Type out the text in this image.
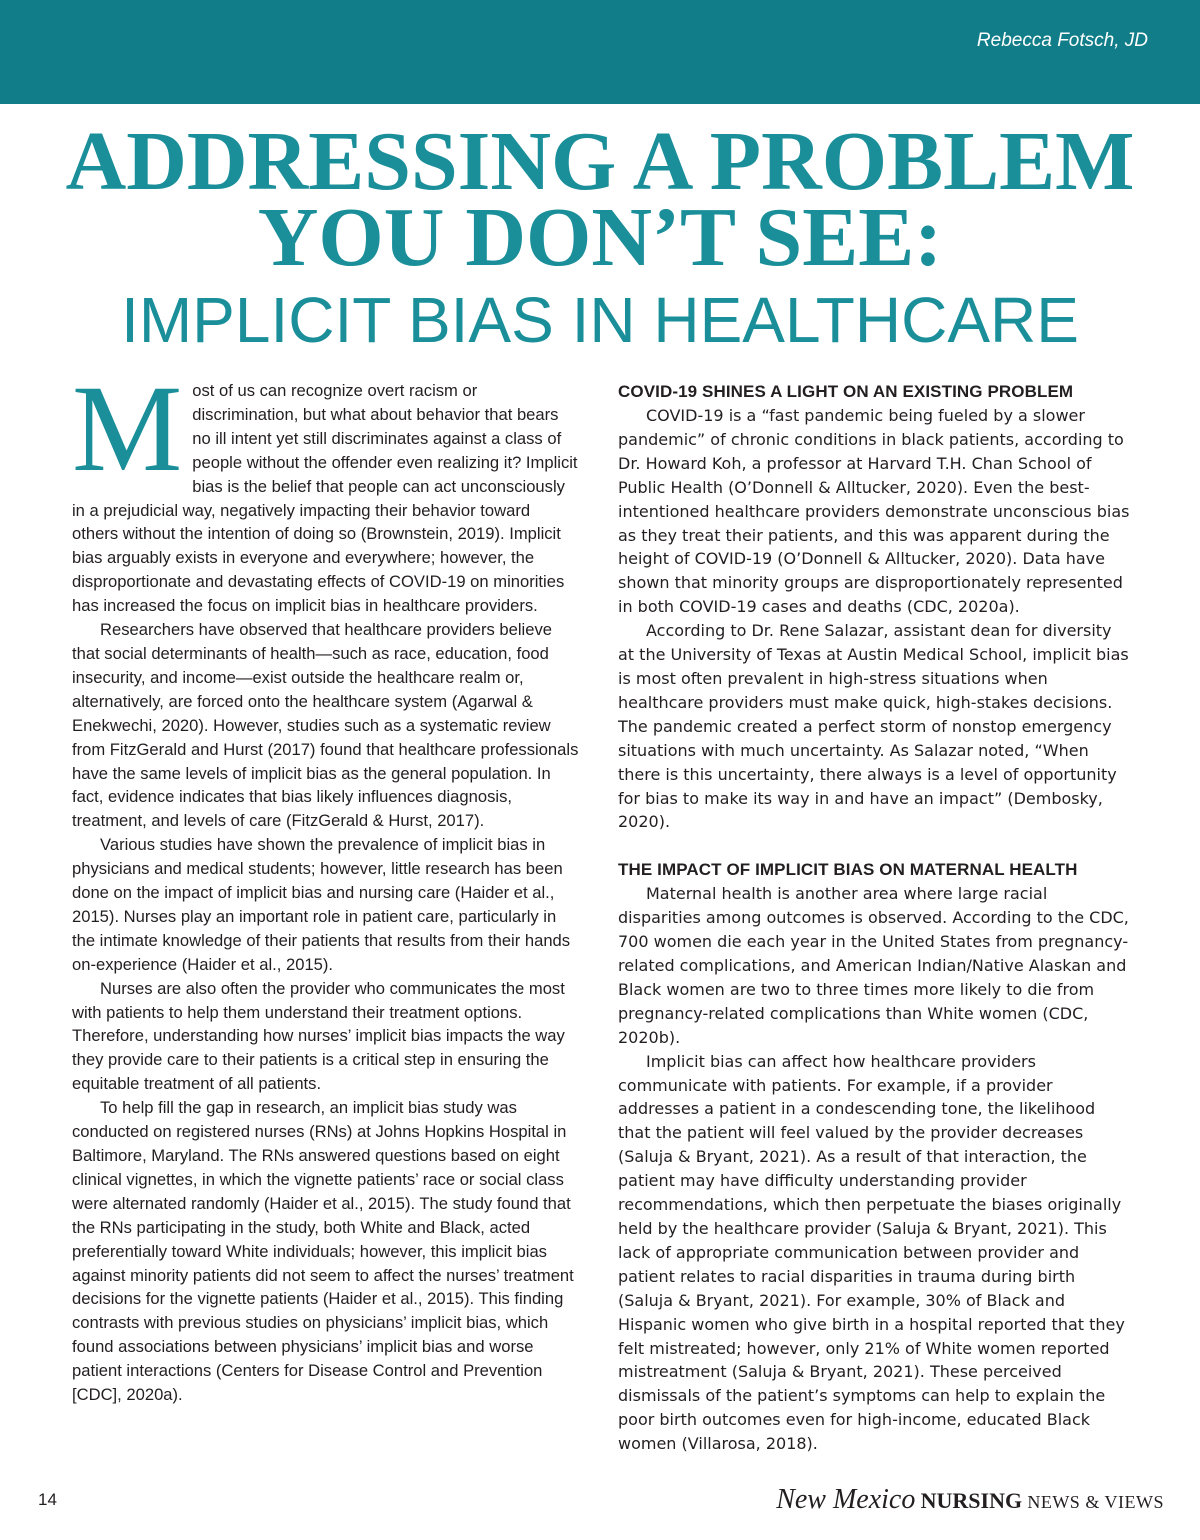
Rebecca Fotsch, JD
ADDRESSING A PROBLEM
YOU DON’T SEE:
IMPLICIT BIAS IN HEALTHCARE

Most of us can recognize overt racism or discrimination, but what about behavior that bears no ill intent yet still discriminates against a class of people without the offender even realizing it? Implicit bias is the belief that people can act unconsciously in a prejudicial way, negatively impacting their behavior toward others without the intention of doing so (Brownstein, 2019). Implicit bias arguably exists in everyone and everywhere; however, the disproportionate and devastating effects of COVID-19 on minorities has increased the focus on implicit bias in healthcare providers.

Researchers have observed that healthcare providers believe that social determinants of health—such as race, education, food insecurity, and income—exist outside the healthcare realm or, alternatively, are forced onto the healthcare system (Agarwal & Enekwechi, 2020). However, studies such as a systematic review from FitzGerald and Hurst (2017) found that healthcare professionals have the same levels of implicit bias as the general population. In fact, evidence indicates that bias likely influences diagnosis, treatment, and levels of care (FitzGerald & Hurst, 2017).

Various studies have shown the prevalence of implicit bias in physicians and medical students; however, little research has been done on the impact of implicit bias and nursing care (Haider et al., 2015). Nurses play an important role in patient care, particularly in the intimate knowledge of their patients that results from their hands on-experience (Haider et al., 2015).

Nurses are also often the provider who communicates the most with patients to help them understand their treatment options. Therefore, understanding how nurses’ implicit bias impacts the way they provide care to their patients is a critical step in ensuring the equitable treatment of all patients.

To help fill the gap in research, an implicit bias study was conducted on registered nurses (RNs) at Johns Hopkins Hospital in Baltimore, Maryland. The RNs answered questions based on eight clinical vignettes, in which the vignette patients’ race or social class were alternated randomly (Haider et al., 2015). The study found that the RNs participating in the study, both White and Black, acted preferentially toward White individuals; however, this implicit bias against minority patients did not seem to affect the nurses’ treatment decisions for the vignette patients (Haider et al., 2015). This finding contrasts with previous studies on physicians’ implicit bias, which found associations between physicians’ implicit bias and worse patient interactions (Centers for Disease Control and Prevention [CDC], 2020a).

COVID-19 SHINES A LIGHT ON AN EXISTING PROBLEM

COVID-19 is a “fast pandemic being fueled by a slower pandemic” of chronic conditions in black patients, according to Dr. Howard Koh, a professor at Harvard T.H. Chan School of Public Health (O’Donnell & Alltucker, 2020). Even the best-intentioned healthcare providers demonstrate unconscious bias as they treat their patients, and this was apparent during the height of COVID-19 (O’Donnell & Alltucker, 2020). Data have shown that minority groups are disproportionately represented in both COVID-19 cases and deaths (CDC, 2020a).

According to Dr. Rene Salazar, assistant dean for diversity at the University of Texas at Austin Medical School, implicit bias is most often prevalent in high-stress situations when healthcare providers must make quick, high-stakes decisions. The pandemic created a perfect storm of nonstop emergency situations with much uncertainty. As Salazar noted, “When there is this uncertainty, there always is a level of opportunity for bias to make its way in and have an impact” (Dembosky, 2020).

THE IMPACT OF IMPLICIT BIAS ON MATERNAL HEALTH

Maternal health is another area where large racial disparities among outcomes is observed. According to the CDC, 700 women die each year in the United States from pregnancy-related complications, and American Indian/Native Alaskan and Black women are two to three times more likely to die from pregnancy-related complications than White women (CDC, 2020b).

Implicit bias can affect how healthcare providers communicate with patients. For example, if a provider addresses a patient in a condescending tone, the likelihood that the patient will feel valued by the provider decreases (Saluja & Bryant, 2021). As a result of that interaction, the patient may have difficulty understanding provider recommendations, which then perpetuate the biases originally held by the healthcare provider (Saluja & Bryant, 2021). This lack of appropriate communication between provider and patient relates to racial disparities in trauma during birth (Saluja & Bryant, 2021). For example, 30% of Black and Hispanic women who give birth in a hospital reported that they felt mistreated; however, only 21% of White women reported mistreatment (Saluja & Bryant, 2021). These perceived dismissals of the patient’s symptoms can help to explain the poor birth outcomes even for high-income, educated Black women (Villarosa, 2018).

14	New Mexico NURSING NEWS & VIEWS
